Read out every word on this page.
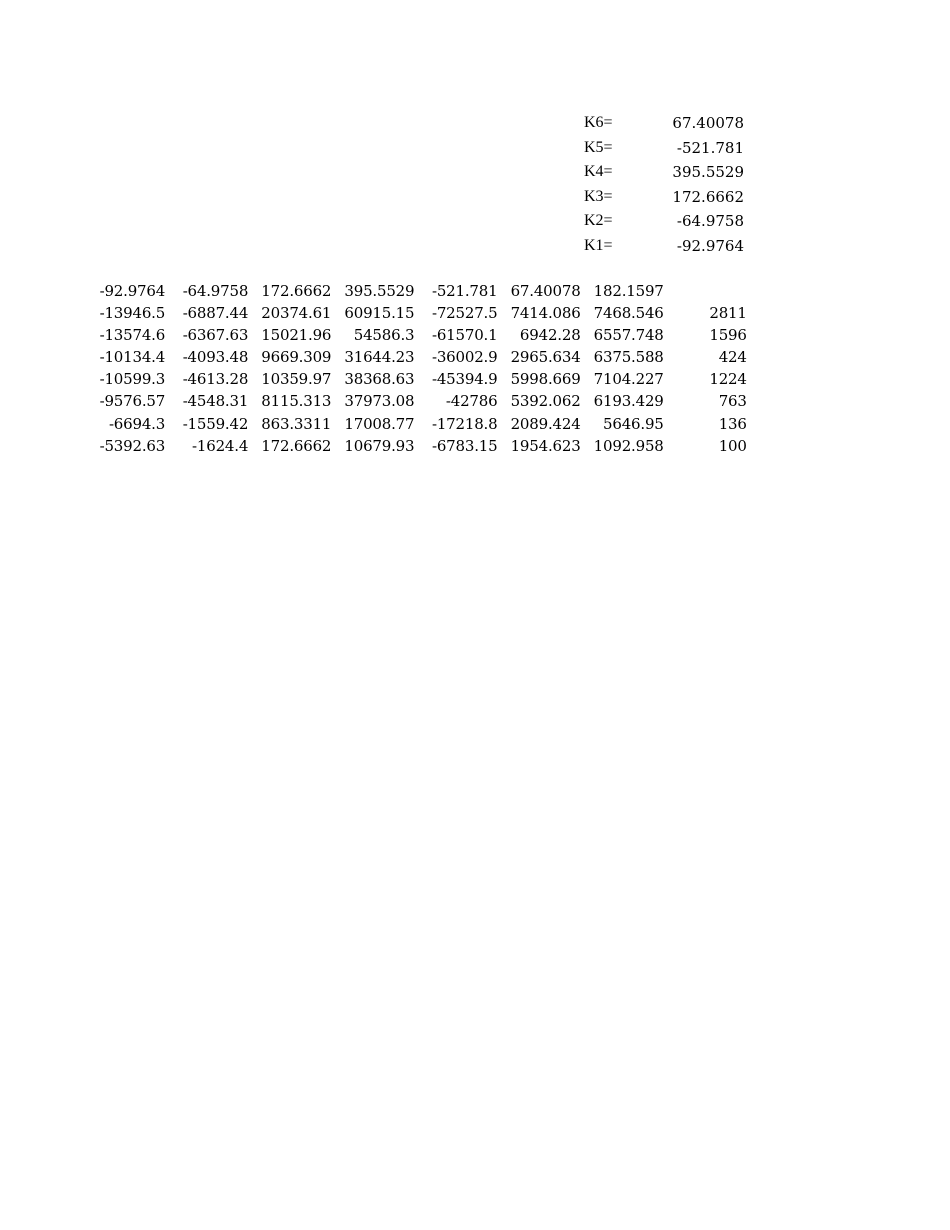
K6=	67.40078
K5=	-521.781
K4=	395.5529
K3=	172.6662
K2=	-64.9758
K1=	-92.9764
-92.9764 -64.9758 172.6662 395.5529 -521.781 67.40078 182.1597
-13946.5 -6887.44 20374.61 60915.15 -72527.5 7414.086 7468.546	2811
-13574.6 -6367.63 15021.96 54586.3 -61570.1 6942.28 6557.748	1596
-10134.4 -4093.48 9669.309 31644.23 -36002.9 2965.634 6375.588	424
-10599.3 -4613.28 10359.97 38368.63 -45394.9 5998.669 7104.227	1224
-9576.57 -4548.31 8115.313 37973.08 -42786 5392.062 6193.429	763
-6694.3 -1559.42 863.3311 17008.77 -17218.8 2089.424 5646.95	136
-5392.63 -1624.4 172.6662 10679.93 -6783.15 1954.623 1092.958	100
